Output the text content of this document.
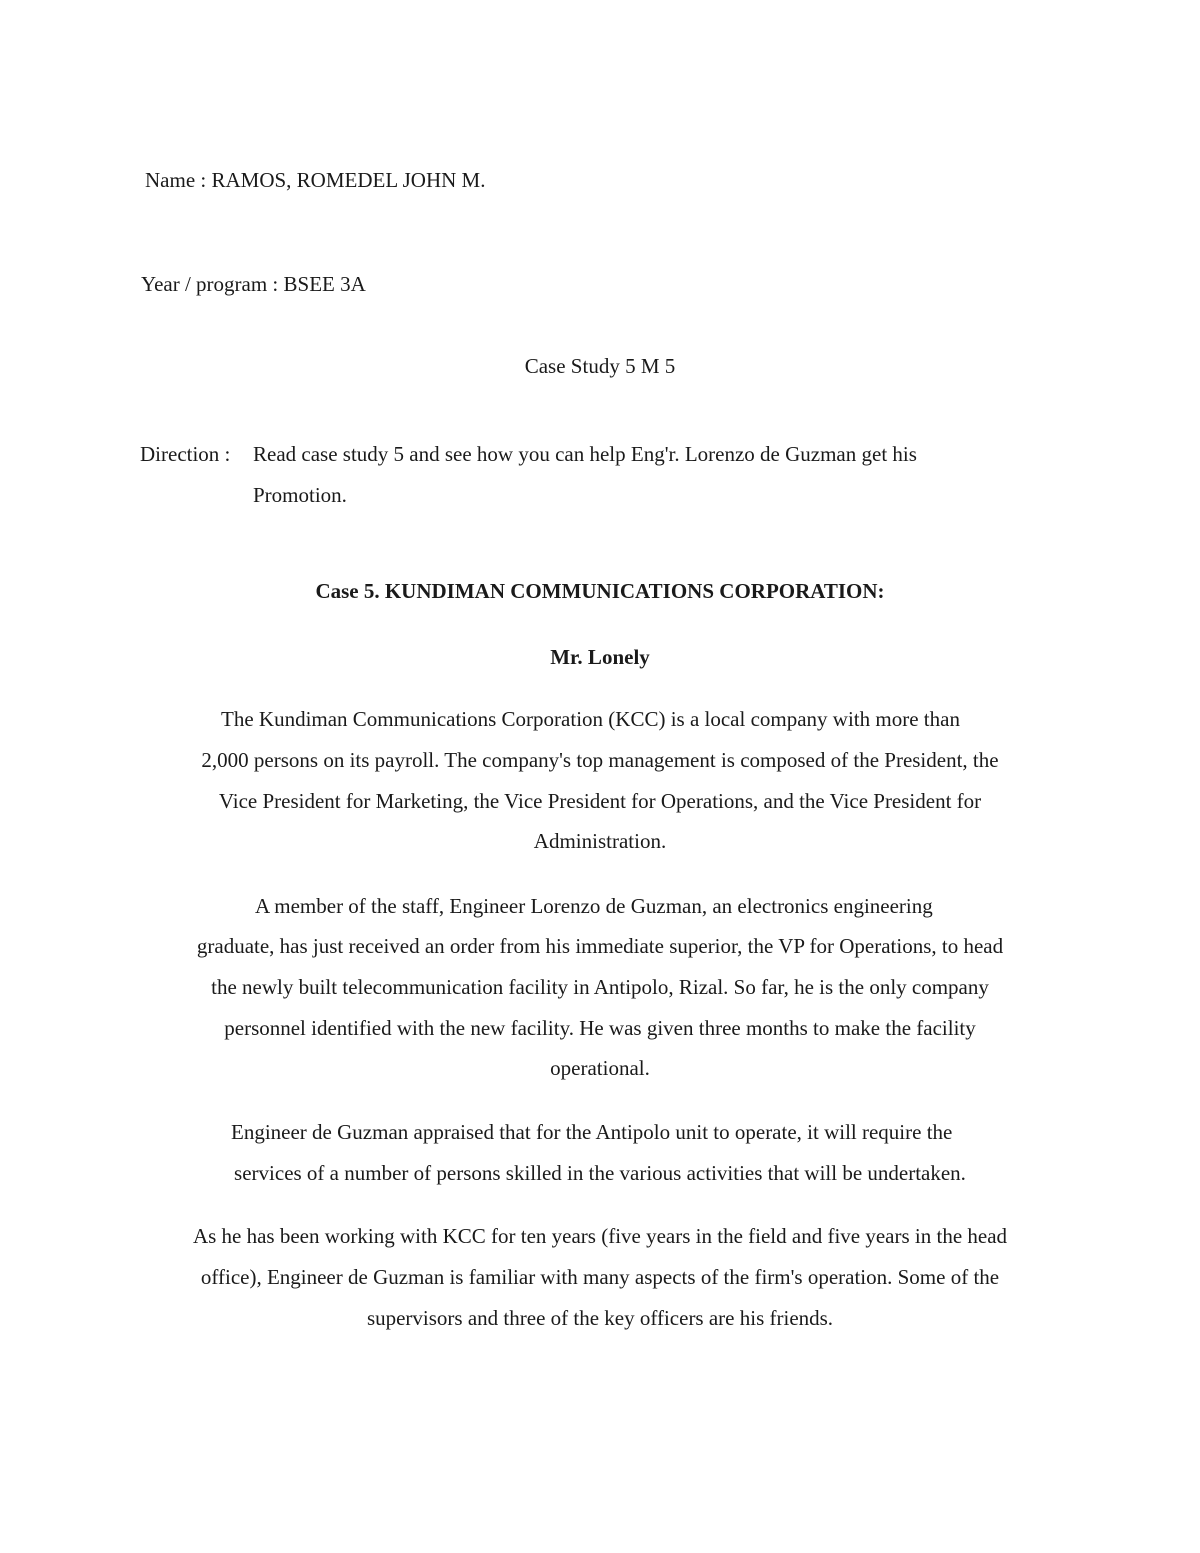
Name : RAMOS, ROMEDEL JOHN M.
Year / program : BSEE 3A
Case Study 5 M 5
Direction : Read case study 5 and see how you can help Eng'r. Lorenzo de Guzman get his
Promotion.
Case 5. KUNDIMAN COMMUNICATIONS CORPORATION:
Mr. Lonely
The Kundiman Communications Corporation (KCC) is a local company with more than
2,000 persons on its payroll. The company's top management is composed of the President, the
Vice President for Marketing, the Vice President for Operations, and the Vice President for
Administration.
A member of the staff, Engineer Lorenzo de Guzman, an electronics engineering
graduate, has just received an order from his immediate superior, the VP for Operations, to head
the newly built telecommunication facility in Antipolo, Rizal. So far, he is the only company
personnel identified with the new facility. He was given three months to make the facility
operational.
Engineer de Guzman appraised that for the Antipolo unit to operate, it will require the
services of a number of persons skilled in the various activities that will be undertaken.
As he has been working with KCC for ten years (five years in the field and five years in the head
office), Engineer de Guzman is familiar with many aspects of the firm's operation. Some of the
supervisors and three of the key officers are his friends.
